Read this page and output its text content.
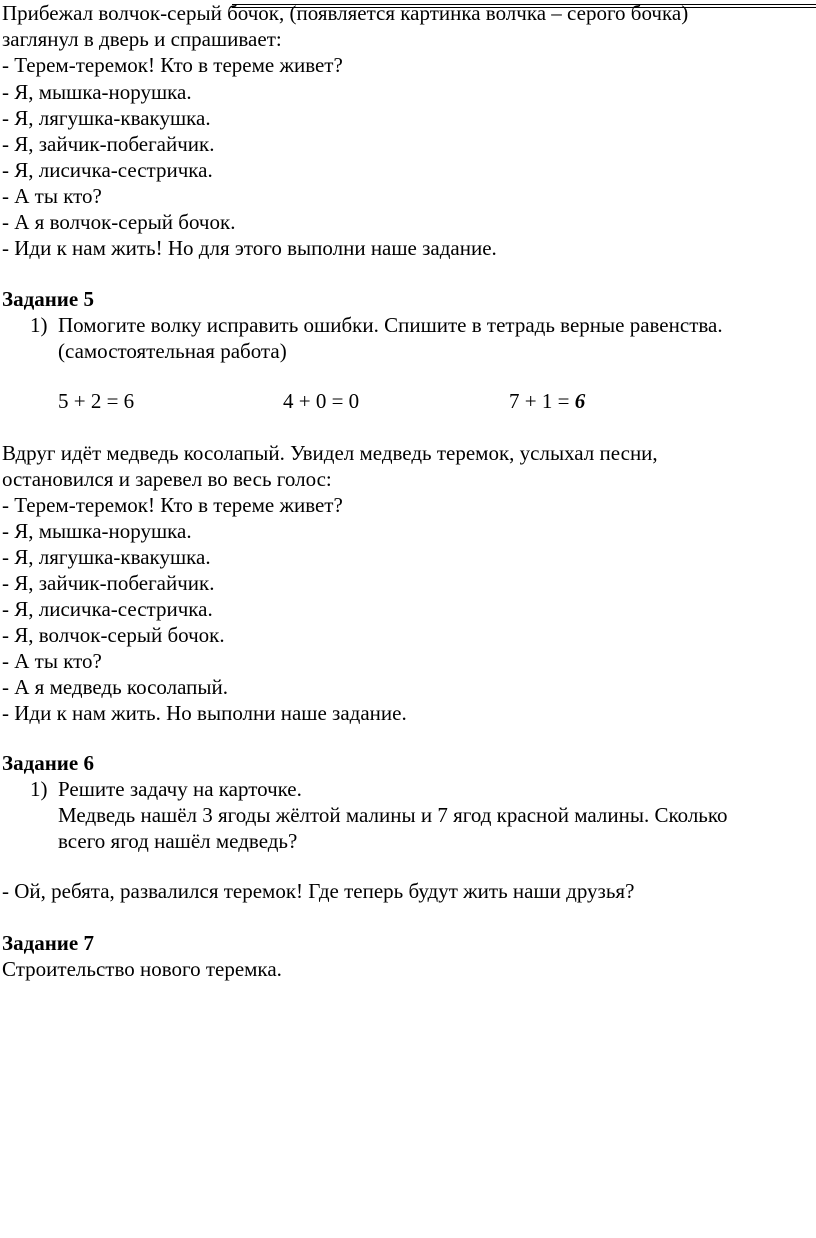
Прибежал волчок-серый бочок, (появляется картинка волчка – серого бочка)
заглянул в дверь и спрашивает:
- Терем-теремок! Кто в тереме живет?
- Я, мышка-норушка.
- Я, лягушка-квакушка.
- Я, зайчик-побегайчик.
- Я, лисичка-сестричка.
- А ты кто?
- А я волчок-серый бочок.
- Иди к нам жить! Но для этого выполни наше задание.
Задание 5
1) Помогите волку исправить ошибки. Спишите в тетрадь верные равенства.
(самостоятельная работа)
5 + 2 = 6	4 + 0 = 0	7 + 1 = 6
Вдруг идёт медведь косолапый. Увидел медведь теремок, услыхал песни,
остановился и заревел во весь голос:
- Терем-теремок! Кто в тереме живет?
- Я, мышка-норушка.
- Я, лягушка-квакушка.
- Я, зайчик-побегайчик.
- Я, лисичка-сестричка.
- Я, волчок-серый бочок.
- А ты кто?
- А я медведь косолапый.
- Иди к нам жить. Но выполни наше задание.
Задание 6
1) Решите задачу на карточке.
Медведь нашёл 3 ягоды жёлтой малины и 7 ягод красной малины. Сколько
всего ягод нашёл медведь?
- Ой, ребята, развалился теремок! Где теперь будут жить наши друзья?
Задание 7
Строительство нового теремка.
